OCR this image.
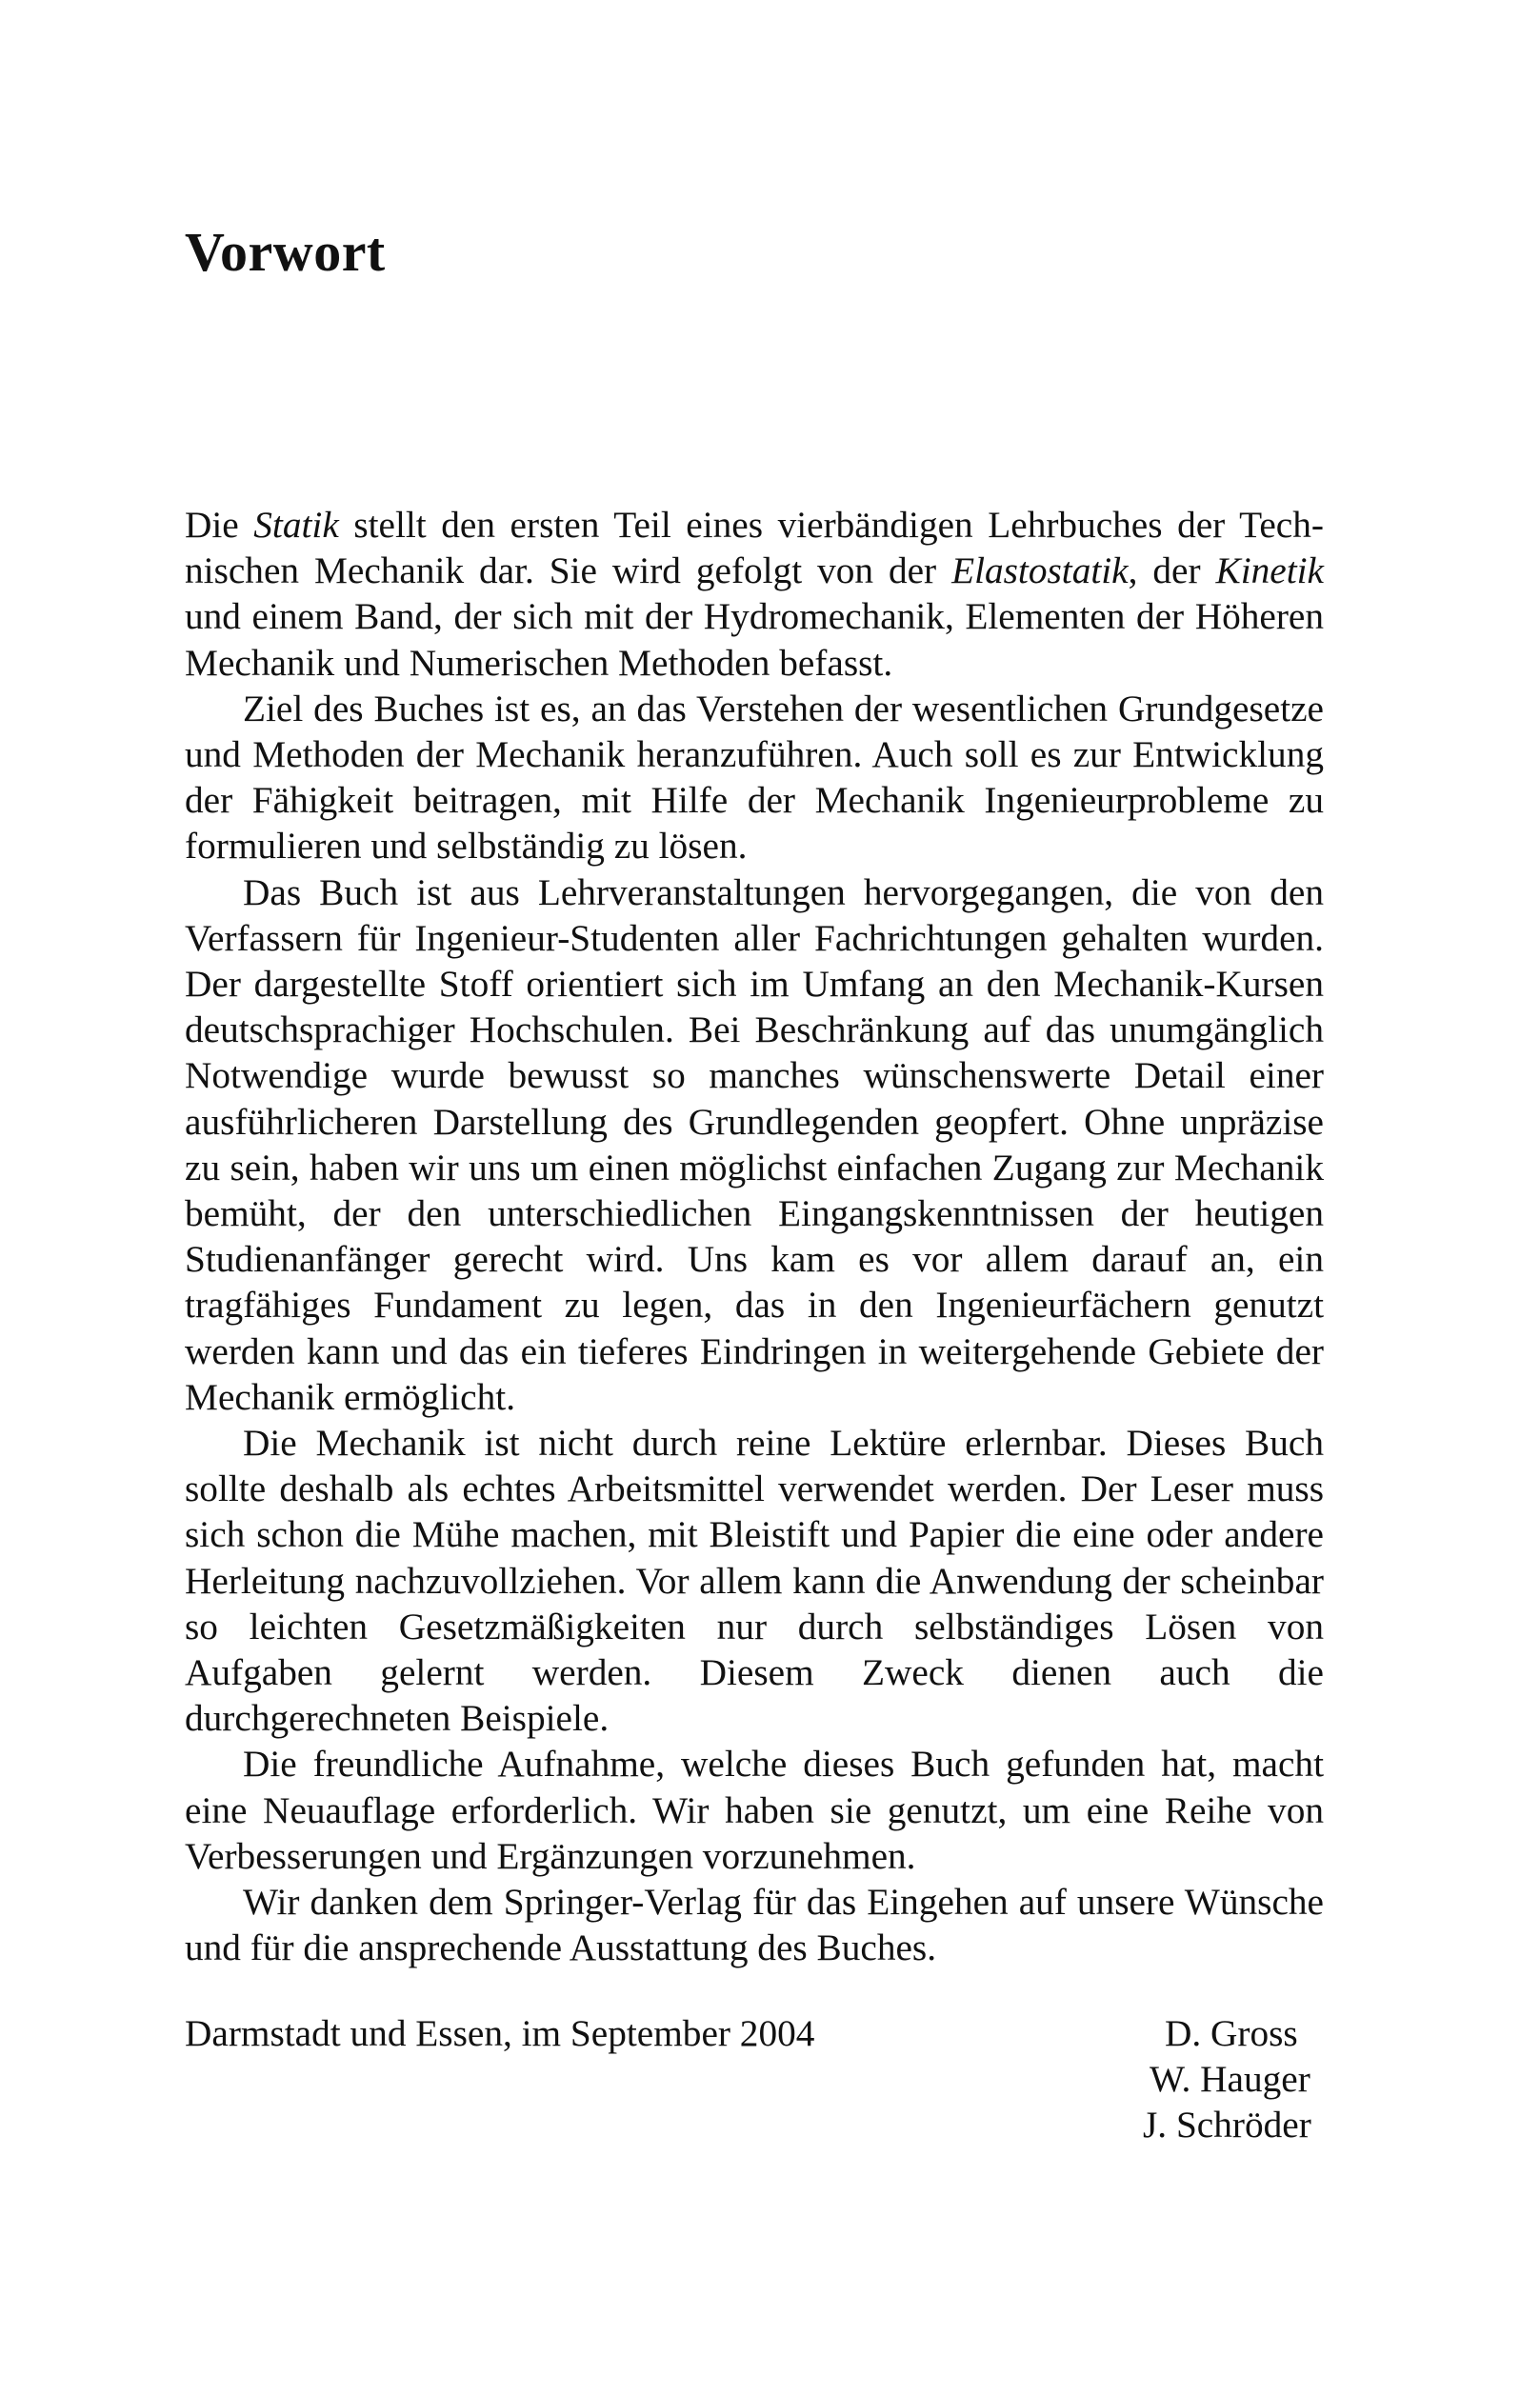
Vorwort

Die Statik stellt den ersten Teil eines vierbändigen Lehrbuches der Technischen Mechanik dar. Sie wird gefolgt von der Elastostatik, der Kinetik und einem Band, der sich mit der Hydromechanik, Elementen der Höheren Mechanik und Numerischen Methoden befasst.

Ziel des Buches ist es, an das Verstehen der wesentlichen Grundgesetze und Methoden der Mechanik heranzuführen. Auch soll es zur Entwicklung der Fähigkeit beitragen, mit Hilfe der Mechanik Ingenieurprobleme zu formulieren und selbständig zu lösen.

Das Buch ist aus Lehrveranstaltungen hervorgegangen, die von den Verfassern für Ingenieur-Studenten aller Fachrichtungen gehalten wurden. Der dargestellte Stoff orientiert sich im Umfang an den Mechanik-Kursen deutschsprachiger Hochschulen. Bei Beschränkung auf das unumgänglich Notwendige wurde bewusst so manches wünschenswerte Detail einer ausführlicheren Darstellung des Grundlegenden geopfert. Ohne unpräzise zu sein, haben wir uns um einen möglichst einfachen Zugang zur Mechanik bemüht, der den unterschiedlichen Eingangskenntnissen der heutigen Studienanfänger gerecht wird. Uns kam es vor allem darauf an, ein tragfähiges Fundament zu legen, das in den Ingenieurfächern genutzt werden kann und das ein tieferes Eindringen in weitergehende Gebiete der Mechanik ermöglicht.

Die Mechanik ist nicht durch reine Lektüre erlernbar. Dieses Buch sollte deshalb als echtes Arbeitsmittel verwendet werden. Der Leser muss sich schon die Mühe machen, mit Bleistift und Papier die eine oder andere Herleitung nachzuvollziehen. Vor allem kann die Anwendung der scheinbar so leichten Gesetzmäßigkeiten nur durch selbständiges Lösen von Aufgaben gelernt werden. Diesem Zweck dienen auch die durchgerechneten Beispiele.

Die freundliche Aufnahme, welche dieses Buch gefunden hat, macht eine Neuauflage erforderlich. Wir haben sie genutzt, um eine Reihe von Verbesserungen und Ergänzungen vorzunehmen.

Wir danken dem Springer-Verlag für das Eingehen auf unsere Wünsche und für die ansprechende Ausstattung des Buches.

Darmstadt und Essen, im September 2004	D. Gross
W. Hauger
J. Schröder
